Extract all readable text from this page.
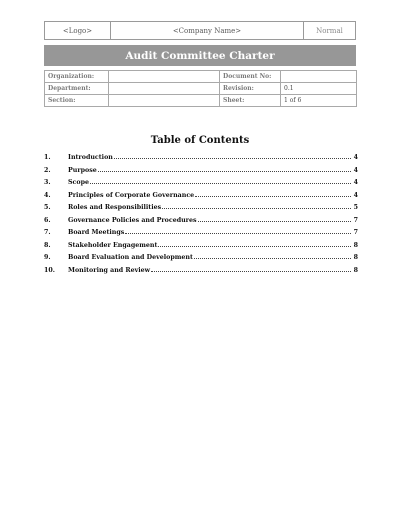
<Logo>	<Company Name>	Normal
Audit Committee Charter
Organization:		Document No:	
Department:		Revision:	0.1
Section:		Sheet:	1 of 6
Table of Contents
1.	Introduction	4
2.	Purpose	4
3.	Scope	4
4.	Principles of Corporate Governance	4
5.	Roles and Responsibilities	5
6.	Governance Policies and Procedures	7
7.	Board Meetings	7
8.	Stakeholder Engagement	8
9.	Board Evaluation and Development	8
10.	Monitoring and Review	8
